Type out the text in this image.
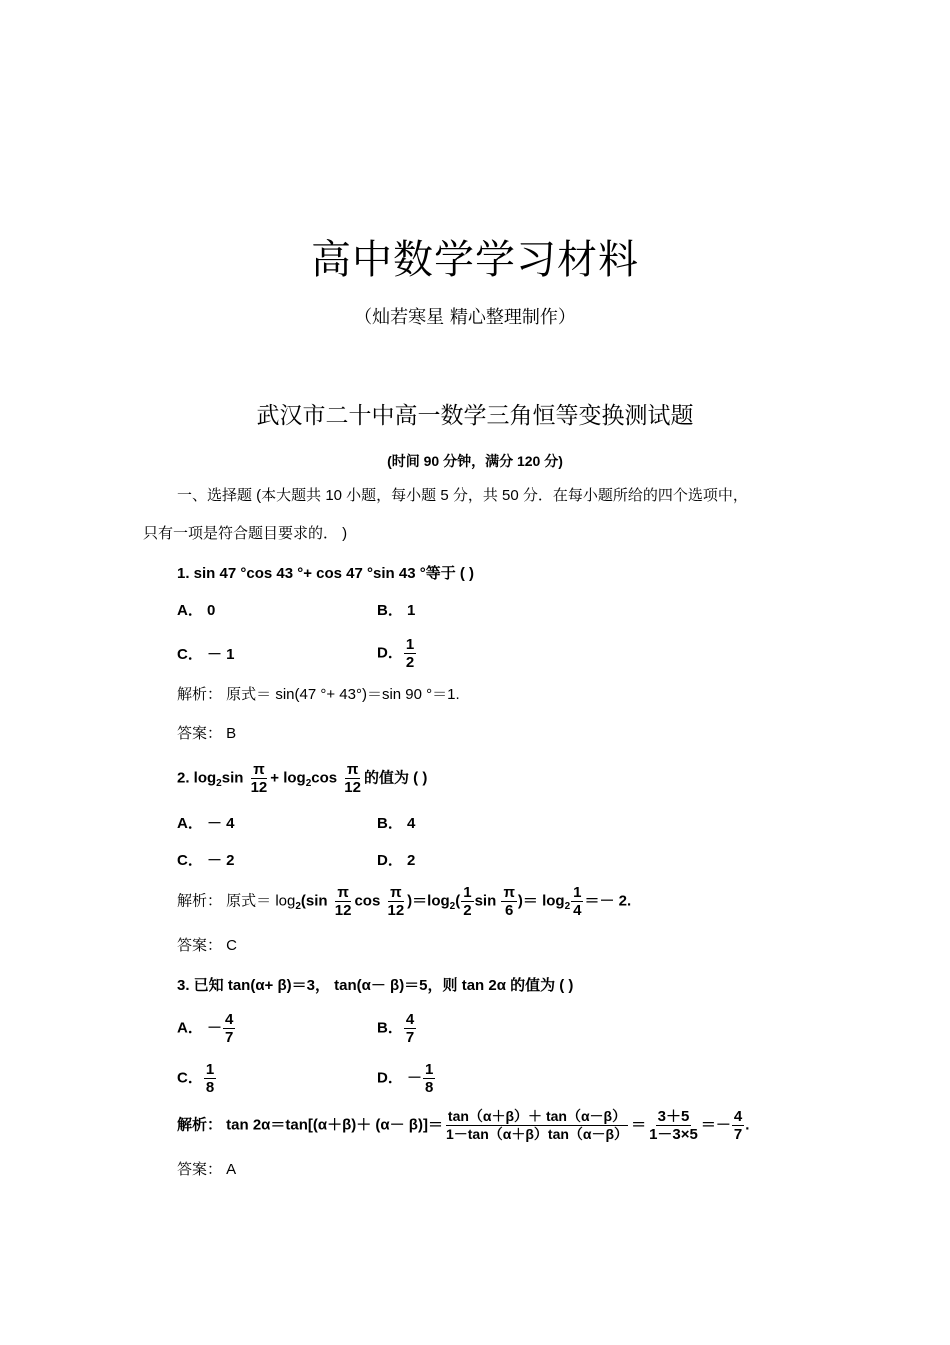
高中数学学习材料
（灿若寒星 精心整理制作）
武汉市二十中高一数学三角恒等变换测试题
(时间 90 分钟，满分 120 分)
一、选择题 (本大题共 10 小题，每小题 5 分，共 50 分．在每小题所给的四个选项中，
只有一项是符合题目要求的． )
1. sin 47 °cos 43 °+ cos 47 °sin 43 °等于 ( )
A． 0	B． 1
C． － 1	D． $\frac{1}{2}$
解析： 原式＝ sin(47 °+ 43°)＝sin 90 °＝1.
答案： B
2. $\log_2\sin \frac{\pi}{12} + \log_2\cos \frac{\pi}{12}$ 的值为 ( )
A． － 4	B． 4
C． － 2	D． 2
解析： 原式＝ $\log_2(\sin \frac{\pi}{12}$ $\cos \frac{\pi}{12} )=\log_2( \frac{1}{2}$ $\sin \frac{\pi}{6}$ )＝ $\log_2 \frac{1}{4} =- 2$.
答案： C
3. 已知 tan(α+ β)＝3， tan(α－ β)＝5，则 tan 2α 的值为 ( )
A． － $\frac{4}{7}$	B． $\frac{4}{7}$
C． $\frac{1}{8}$	D． － $\frac{1}{8}$
解析： $\tan 2\alpha=\tan[(\alpha+\beta)+ (\alpha- \beta)]= \frac{\tan(\alpha+\beta)+ \tan(\alpha-\beta)}{1-\tan(\alpha+\beta)\tan(\alpha-\beta)} = \frac{3+5}{1-3\times 5} =- \frac{4}{7}$ .
答案： A
